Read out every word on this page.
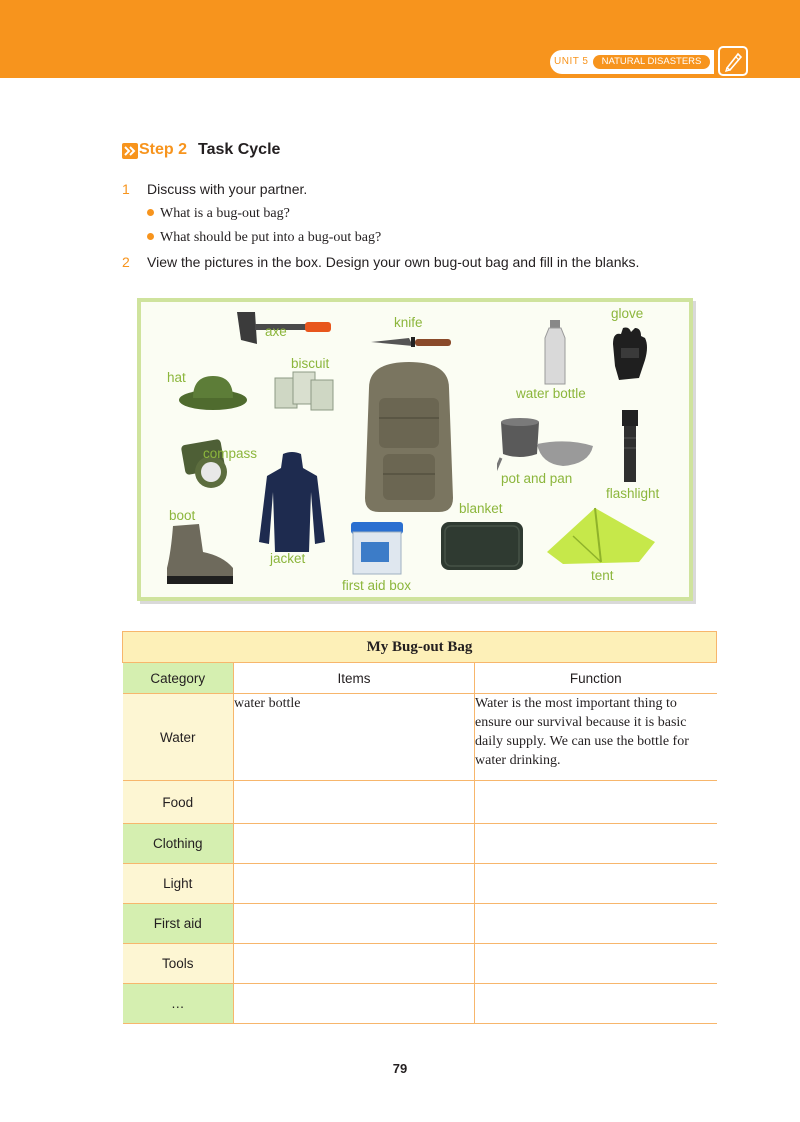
UNIT 5	NATURAL DISASTERS
Step 2 Task Cycle
1 Discuss with your partner.
What is a bug-out bag?
What should be put into a bug-out bag?
2 View the pictures in the box. Design your own bug-out bag and fill in the blanks.
axe
knife
glove
hat
biscuit
water bottle
pot and pan
flashlight
compass
boot
jacket
blanket
first aid box
tent
My Bug-out Bag		
Category	Items	Function
Water	water bottle	Water is the most important thing to ensure our survival because it is basic daily supply. We can use the bottle for water drinking.
Food		
Clothing		
Light		
First aid		
Tools		
…		
79
